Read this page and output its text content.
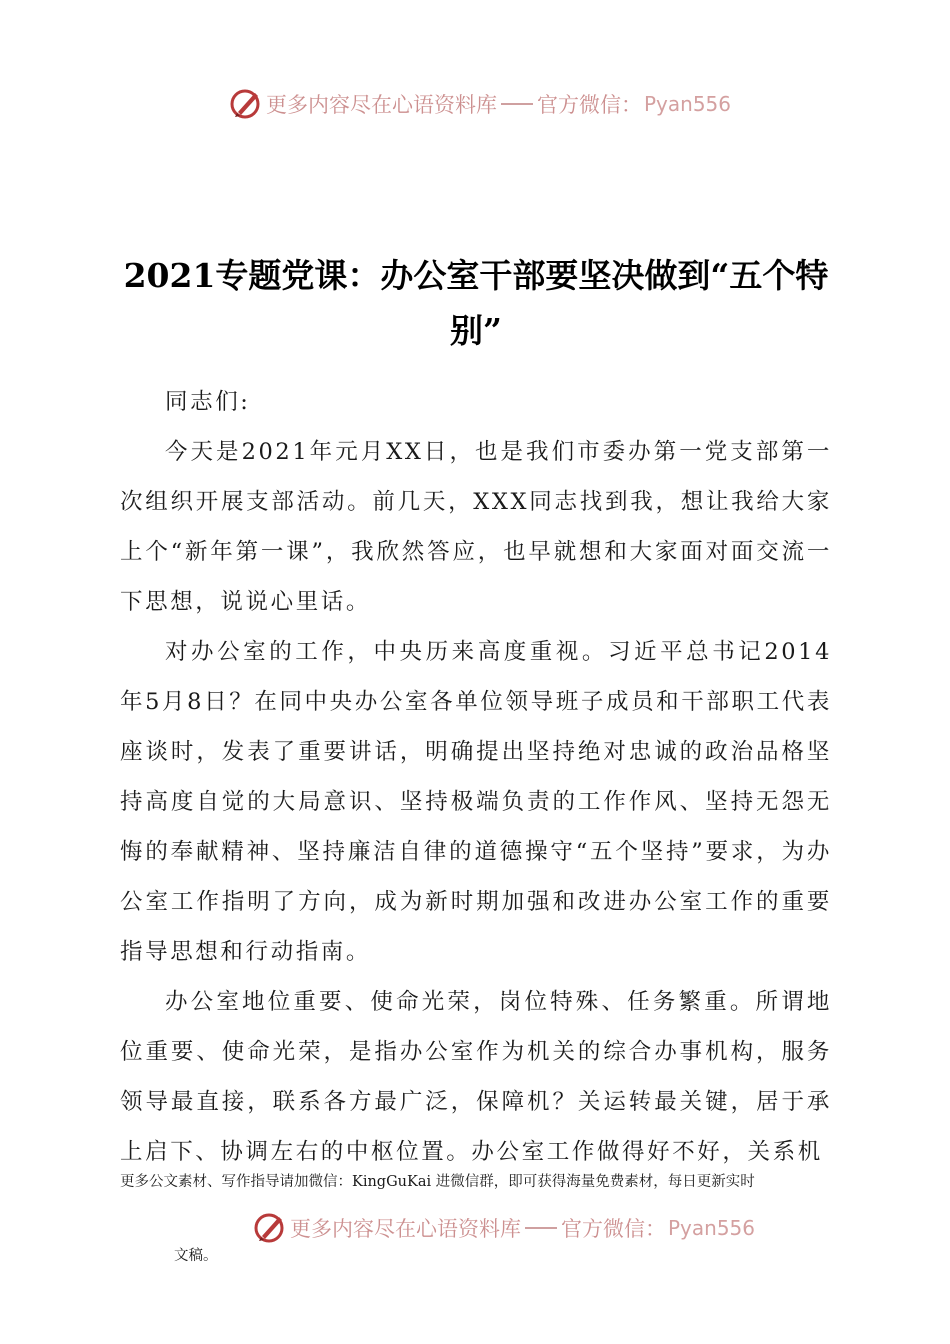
更多内容尽在心语资料库 官方微信： Pyan556
2021专题党课：办公室干部要坚决做到“五个特别”

同志们:

今天是2021年元月XX日，也是我们市委办第一党支部第一次组织开展支部活动。前几天，XXX同志找到我，想让我给大家上个“新年第一课”，我欣然答应，也早就想和大家面对面交流一下思想，说说心里话。

对办公室的工作，中央历来高度重视。习近平总书记2014年5月8日？在同中央办公室各单位领导班子成员和干部职工代表座谈时，发表了重要讲话，明确提出坚持绝对忠诚的政治品格坚持高度自觉的大局意识、坚持极端负责的工作作风、坚持无怨无悔的奉献精神、坚持廉洁自律的道德操守“五个坚持”要求，为办公室工作指明了方向，成为新时期加强和改进办公室工作的重要指导思想和行动指南。

办公室地位重要、使命光荣，岗位特殊、任务繁重。所谓地位重要、使命光荣，是指办公室作为机关的综合办事机构，服务领导最直接，联系各方最广泛，保障机？关运转最关键，居于承上启下、协调左右的中枢位置。办公室工作做得好不好，关系机

更多公文素材、写作指导请加微信：KingGuKai 进微信群，即可获得海量免费素材，每日更新实时
更多内容尽在心语资料库 官方微信： Pyan556
文稿。
